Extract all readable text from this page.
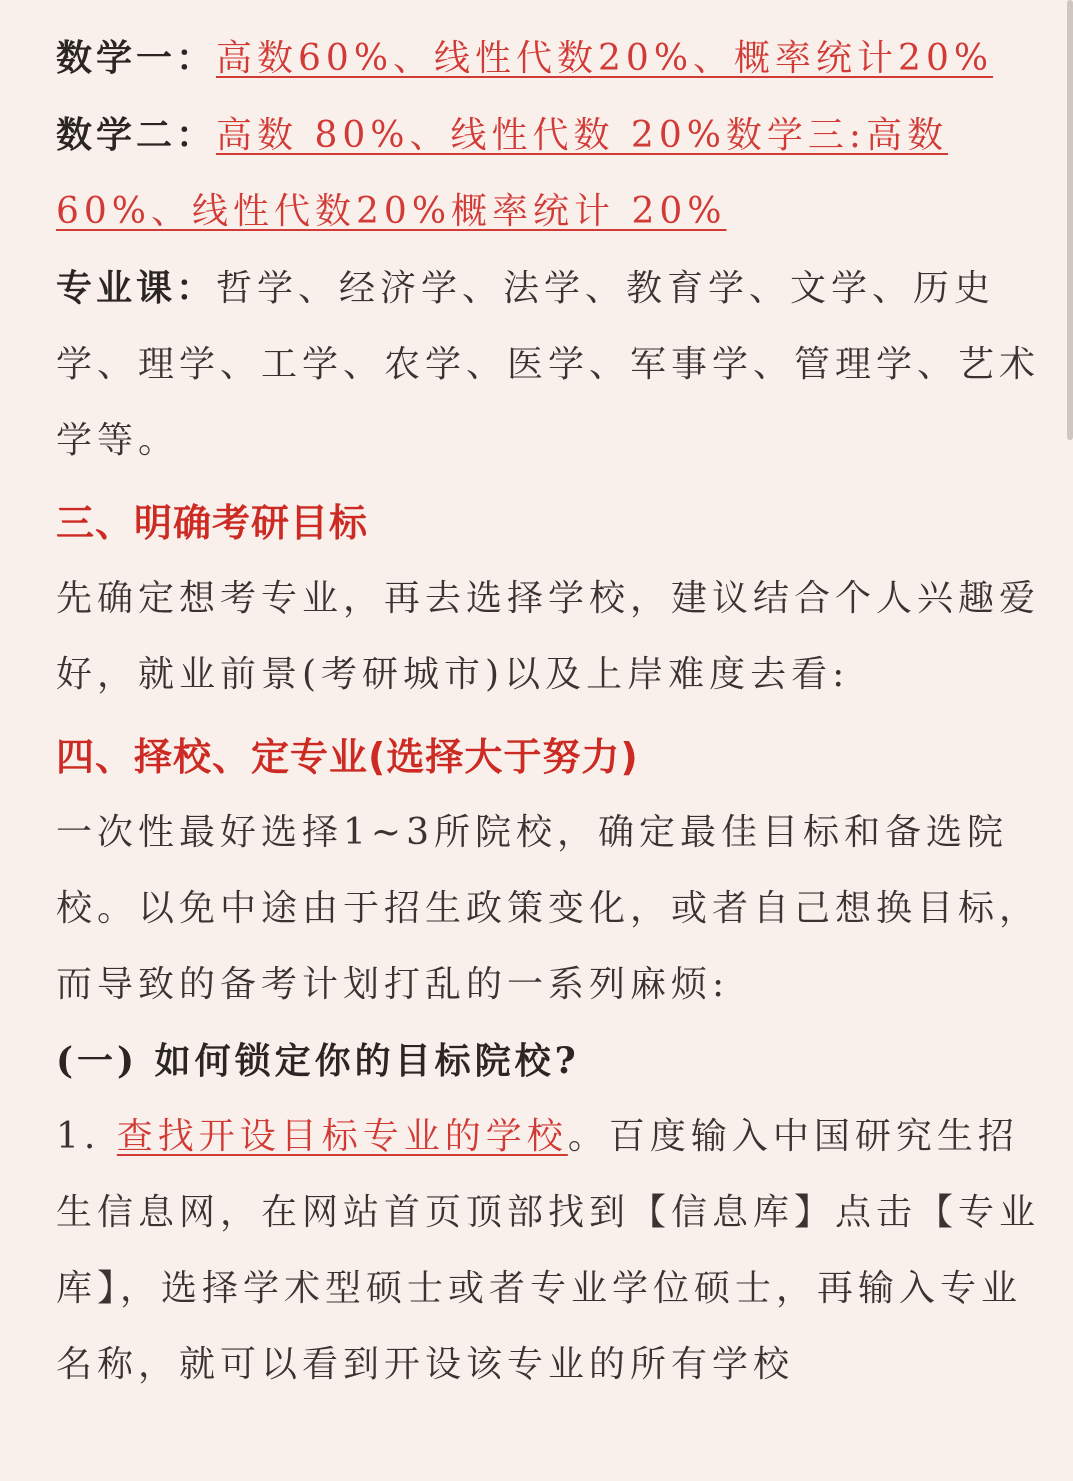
数学一：高数60%、线性代数20%、概率统计20%

数学二：高数 80%、线性代数 20%数学三:高数60%、线性代数20%概率统计 20%

专业课：哲学、经济学、法学、教育学、文学、历史学、理学、工学、农学、医学、军事学、管理学、艺术学等。

三、明确考研目标

先确定想考专业，再去选择学校，建议结合个人兴趣爱好，就业前景(考研城市)以及上岸难度去看:

四、择校、定专业(选择大于努力)

一次性最好选择1~3所院校，确定最佳目标和备选院校。以免中途由于招生政策变化，或者自己想换目标，而导致的备考计划打乱的一系列麻烦:

(一) 如何锁定你的目标院校?

1. 查找开设目标专业的学校。百度输入中国研究生招生信息网，在网站首页顶部找到【信息库】点击【专业库】，选择学术型硕士或者专业学位硕士，再输入专业名称，就可以看到开设该专业的所有学校
